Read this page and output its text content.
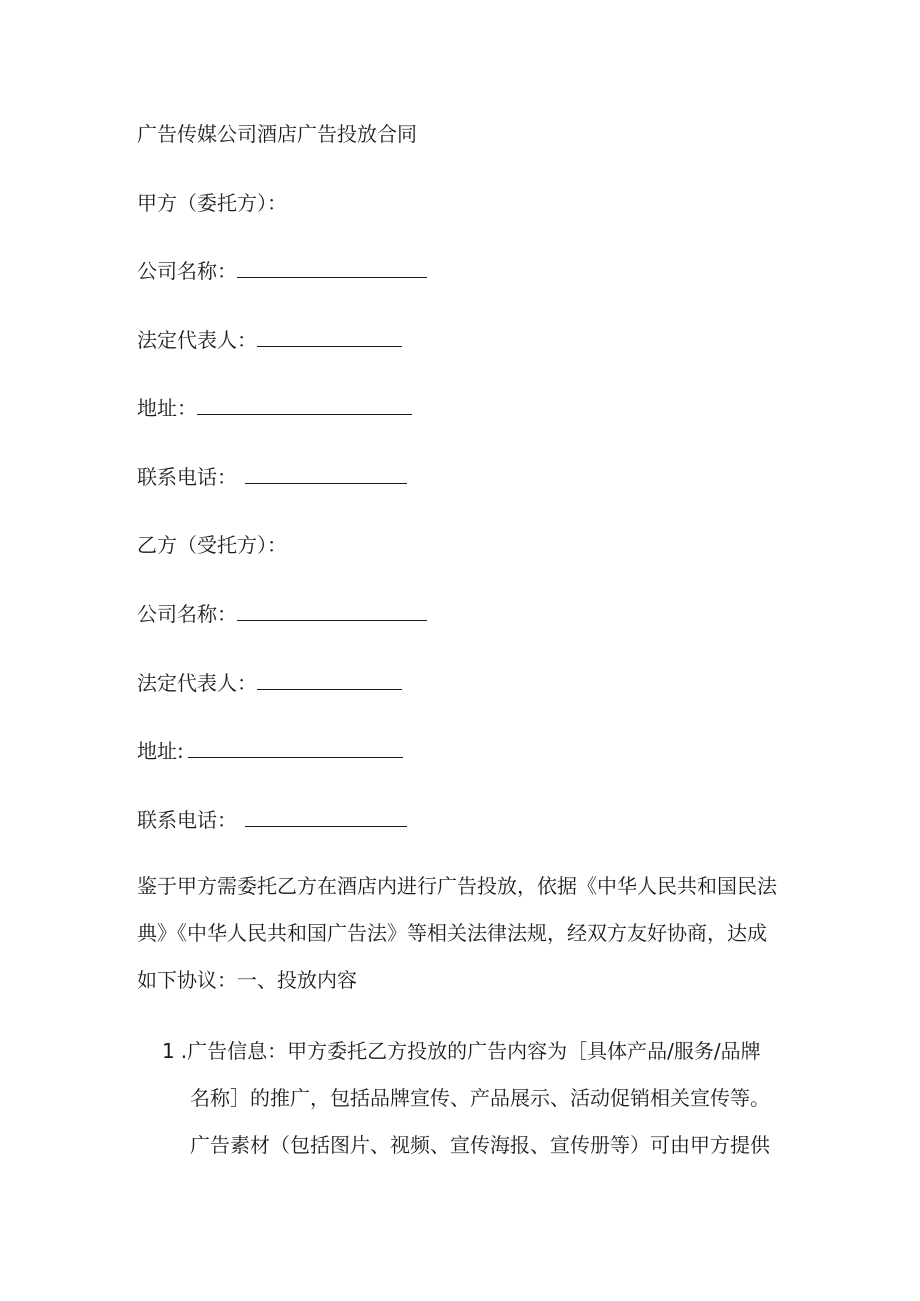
广告传媒公司酒店广告投放合同
甲方（委托方）：
公司名称：
法定代表人：
地址：
联系电话：
乙方（受托方）：
公司名称：
法定代表人：
地址:
联系电话：
鉴于甲方需委托乙方在酒店内进行广告投放，依据《中华人民共和国民法
典》《中华人民共和国广告法》等相关法律法规，经双方友好协商，达成
如下协议：一、投放内容
1 .广告信息：甲方委托乙方投放的广告内容为［具体产品/服务/品牌
名称］的推广，包括品牌宣传、产品展示、活动促销相关宣传等。
广告素材（包括图片、视频、宣传海报、宣传册等）可由甲方提供
